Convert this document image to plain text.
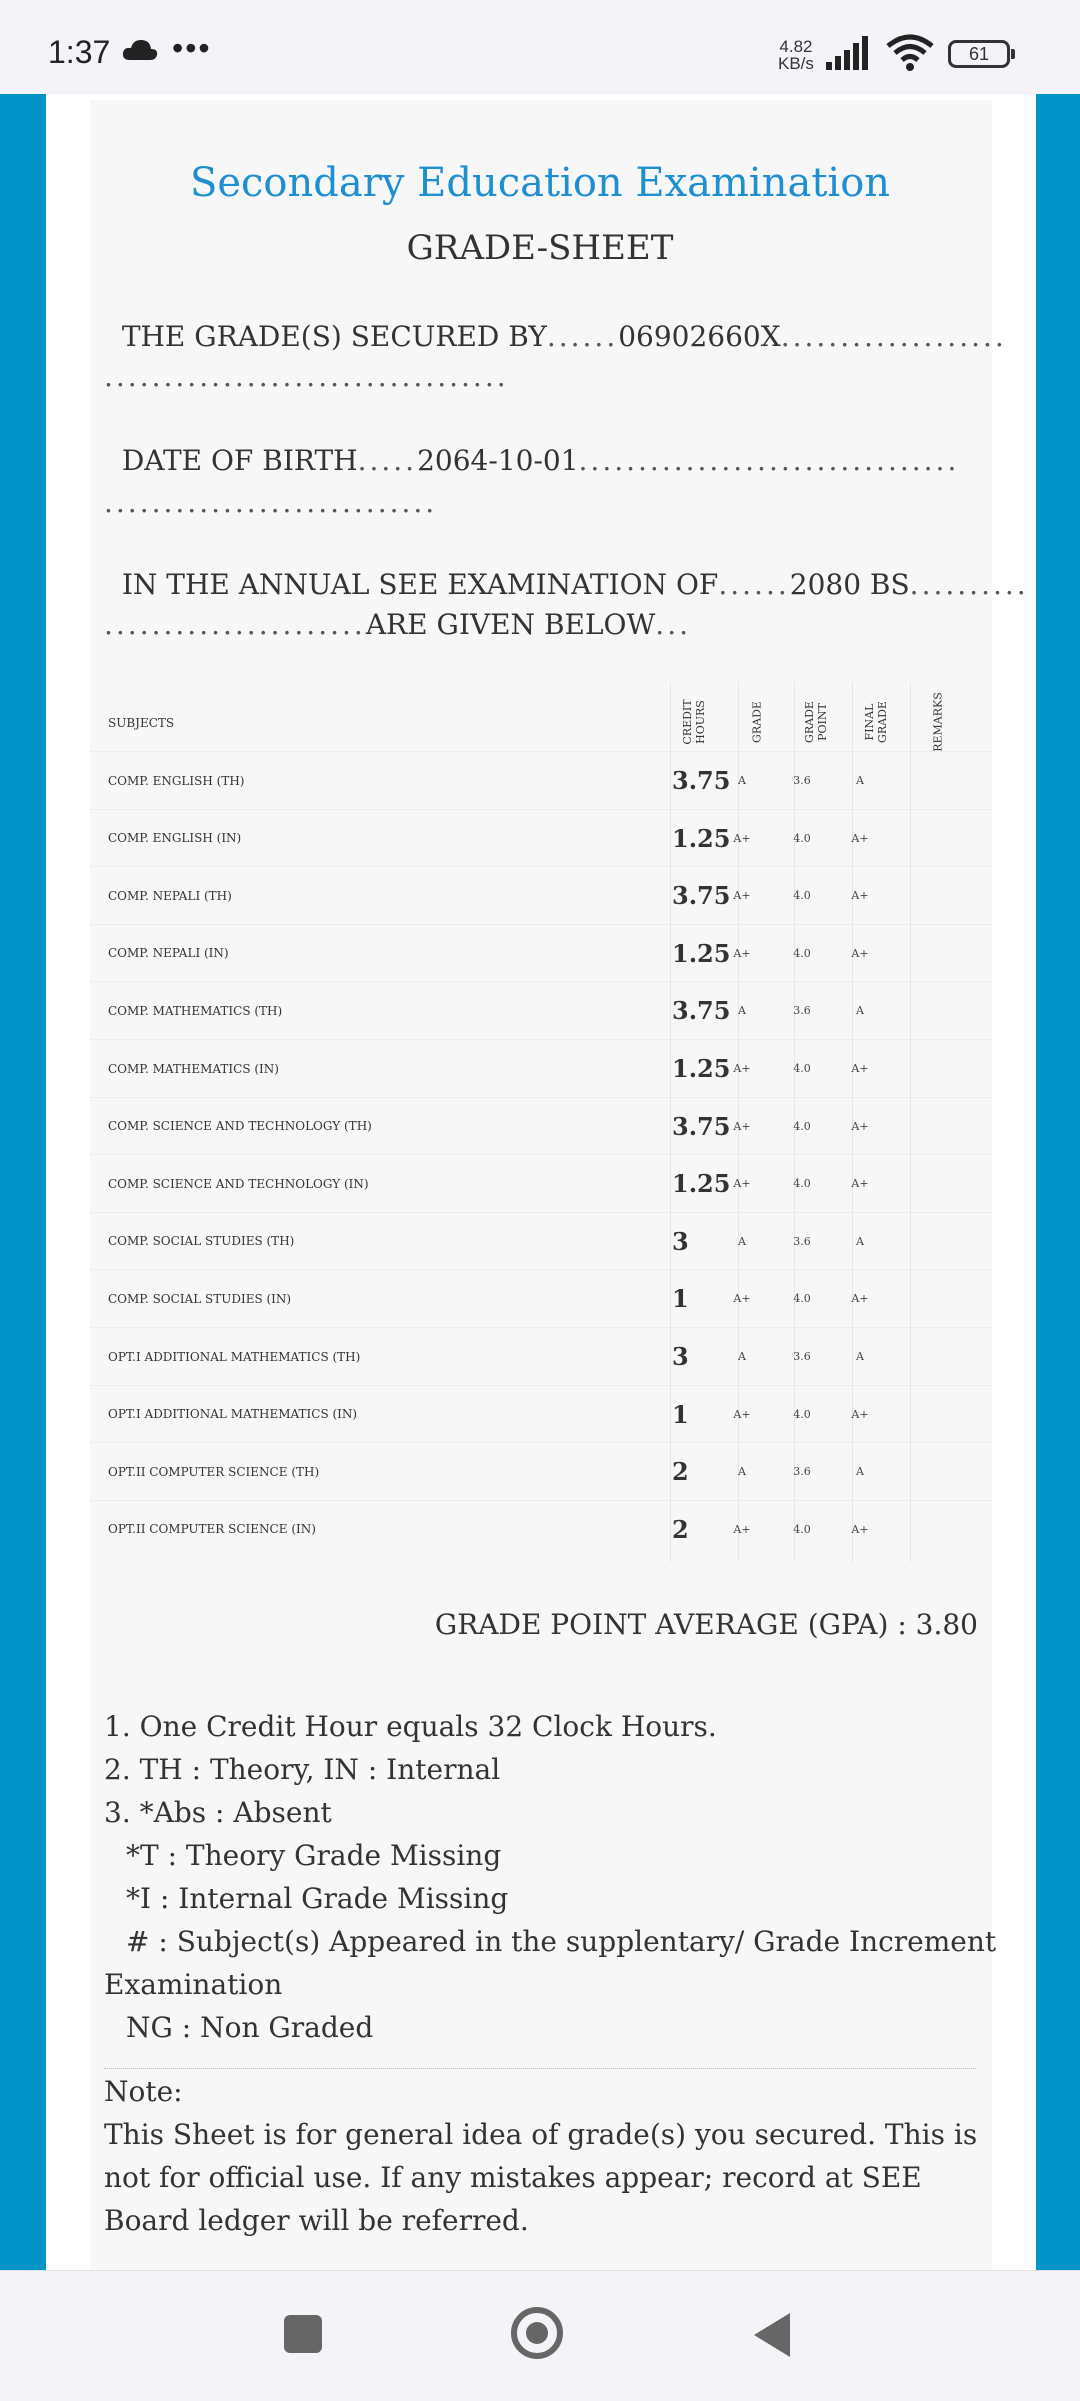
1:37 •••	4.82
KB/s	61
Secondary Education Examination
GRADE-SHEET
THE GRADE(S) SECURED BY......06902660X...................
..................................
DATE OF BIRTH.....2064-10-01................................
............................
IN THE ANNUAL SEE EXAMINATION OF......2080 BS..........
......................ARE GIVEN BELOW...
SUBJECTS	CREDIT HOURS	GRADE	GRADE POINT	FINAL GRADE	REMARKS
COMP. ENGLISH (TH)	3.75 A	3.6	A
COMP. ENGLISH (IN)	1.25 A+	4.0	A+
COMP. NEPALI (TH)	3.75 A+	4.0	A+
COMP. NEPALI (IN)	1.25 A+	4.0	A+
COMP. MATHEMATICS (TH)	3.75 A	3.6	A
COMP. MATHEMATICS (IN)	1.25 A+	4.0	A+
COMP. SCIENCE AND TECHNOLOGY (TH)	3.75 A+	4.0	A+
COMP. SCIENCE AND TECHNOLOGY (IN)	1.25 A+	4.0	A+
COMP. SOCIAL STUDIES (TH)	3	A	3.6	A
COMP. SOCIAL STUDIES (IN)	1	A+	4.0	A+
OPT.I ADDITIONAL MATHEMATICS (TH)	3	A	3.6	A
OPT.I ADDITIONAL MATHEMATICS (IN)	1	A+	4.0	A+
OPT.II COMPUTER SCIENCE (TH)	2	A	3.6	A
OPT.II COMPUTER SCIENCE (IN)	2	A+	4.0	A+
GRADE POINT AVERAGE (GPA) : 3.80
1. One Credit Hour equals 32 Clock Hours.
2. TH : Theory, IN : Internal
3. *Abs : Absent
*T : Theory Grade Missing
*I : Internal Grade Missing
# : Subject(s) Appeared in the supplentary/ Grade Increment
Examination
NG : Non Graded
Note:
This Sheet is for general idea of grade(s) you secured. This is not for official use. If any mistakes appear; record at SEE Board ledger will be referred.
